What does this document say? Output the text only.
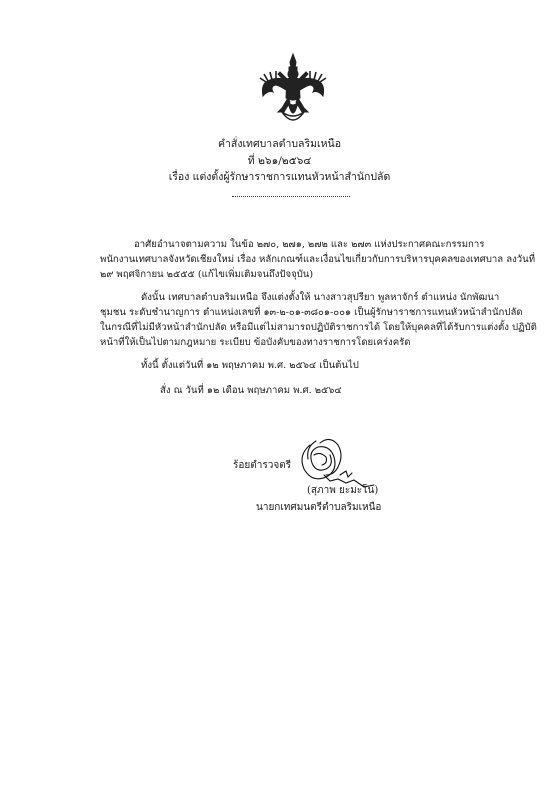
คำสั่งเทศบาลตำบลริมเหนือ
ที่ ๒๖๑/๒๕๖๔
เรื่อง แต่งตั้งผู้รักษาราชการแทนหัวหน้าสำนักปลัด
อาศัยอำนาจตามความ ในข้อ ๒๗๐, ๒๗๑, ๒๗๒ และ ๒๗๓ แห่งประกาศคณะกรรมการ
พนักงานเทศบาลจังหวัดเชียงใหม่ เรื่อง หลักเกณฑ์และเงื่อนไขเกี่ยวกับการบริหารบุคคลของเทศบาล ลงวันที่
๒๙ พฤศจิกายน ๒๕๕๕ (แก้ไขเพิ่มเติมจนถึงปัจจุบัน)
ดังนั้น เทศบาลตำบลริมเหนือ จึงแต่งตั้งให้ นางสาวสุปรียา พูลหาจักร์ ตำแหน่ง นักพัฒนา
ชุมชน ระดับชำนาญการ ตำแหน่งเลขที่ ๑๓-๒-๐๑-๓๘๐๑-๐๐๑ เป็นผู้รักษาราชการแทนหัวหน้าสำนักปลัด
ในกรณีที่ไม่มีหัวหน้าสำนักปลัด หรือมีแต่ไม่สามารถปฏิบัติราชการได้ โดยให้บุคคลที่ได้รับการแต่งตั้ง ปฏิบัติ
หน้าที่ให้เป็นไปตามกฎหมาย ระเบียบ ข้อบังคับของทางราชการโดยเคร่งครัด
ทั้งนี้ ตั้งแต่วันที่ ๑๒ พฤษภาคม พ.ศ. ๒๕๖๔ เป็นต้นไป
สั่ง ณ วันที่ ๑๒ เดือน พฤษภาคม พ.ศ. ๒๕๖๔
ร้อยตำรวจตรี
(สุภาพ ยะมะโน)
นายกเทศมนตรีตำบลริมเหนือ
